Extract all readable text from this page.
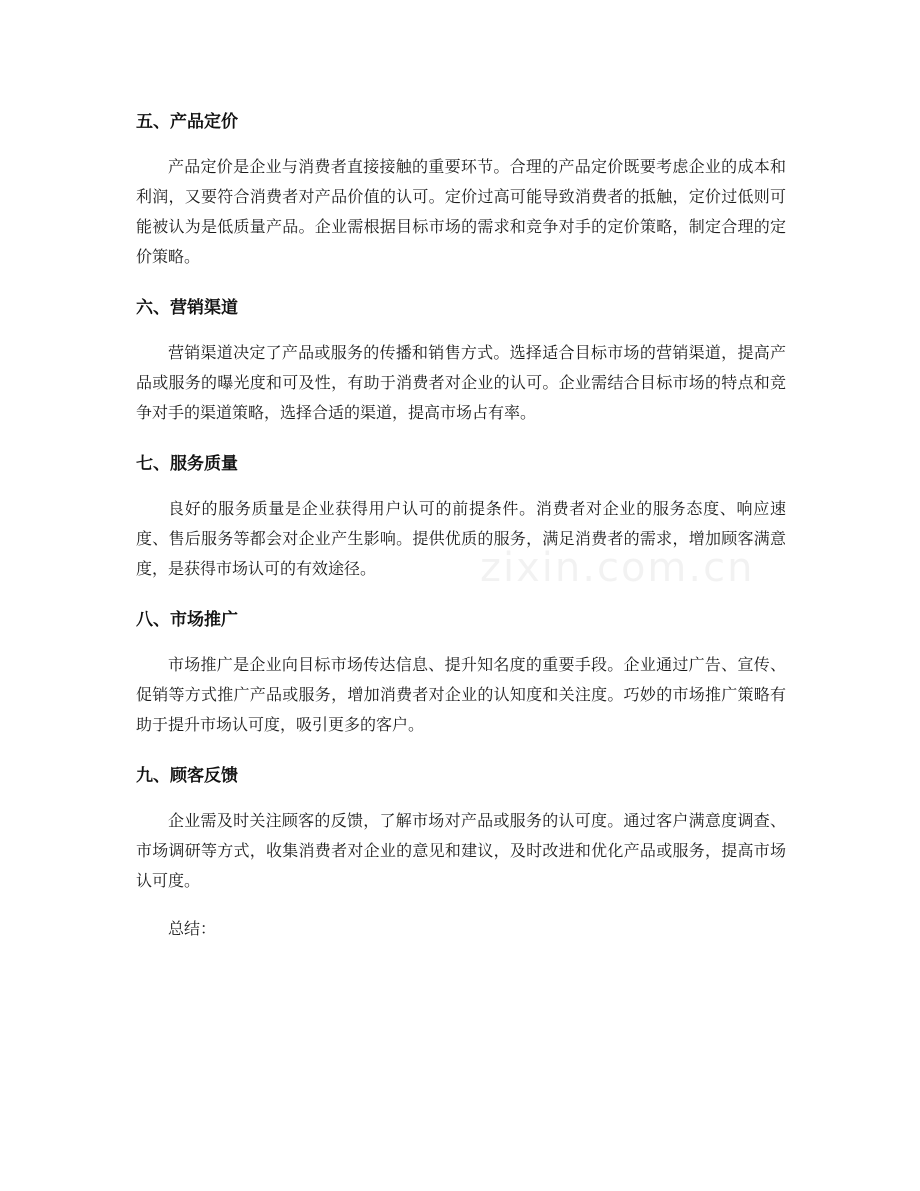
zixin.com.cn
五、产品定价

产品定价是企业与消费者直接接触的重要环节。合理的产品定价既要考虑企业的成本和利润，又要符合消费者对产品价值的认可。定价过高可能导致消费者的抵触，定价过低则可能被认为是低质量产品。企业需根据目标市场的需求和竞争对手的定价策略，制定合理的定价策略。

六、营销渠道

营销渠道决定了产品或服务的传播和销售方式。选择适合目标市场的营销渠道，提高产品或服务的曝光度和可及性，有助于消费者对企业的认可。企业需结合目标市场的特点和竞争对手的渠道策略，选择合适的渠道，提高市场占有率。

七、服务质量

良好的服务质量是企业获得用户认可的前提条件。消费者对企业的服务态度、响应速度、售后服务等都会对企业产生影响。提供优质的服务，满足消费者的需求，增加顾客满意度，是获得市场认可的有效途径。

八、市场推广

市场推广是企业向目标市场传达信息、提升知名度的重要手段。企业通过广告、宣传、促销等方式推广产品或服务，增加消费者对企业的认知度和关注度。巧妙的市场推广策略有助于提升市场认可度，吸引更多的客户。

九、顾客反馈

企业需及时关注顾客的反馈，了解市场对产品或服务的认可度。通过客户满意度调查、市场调研等方式，收集消费者对企业的意见和建议，及时改进和优化产品或服务，提高市场认可度。

总结：
